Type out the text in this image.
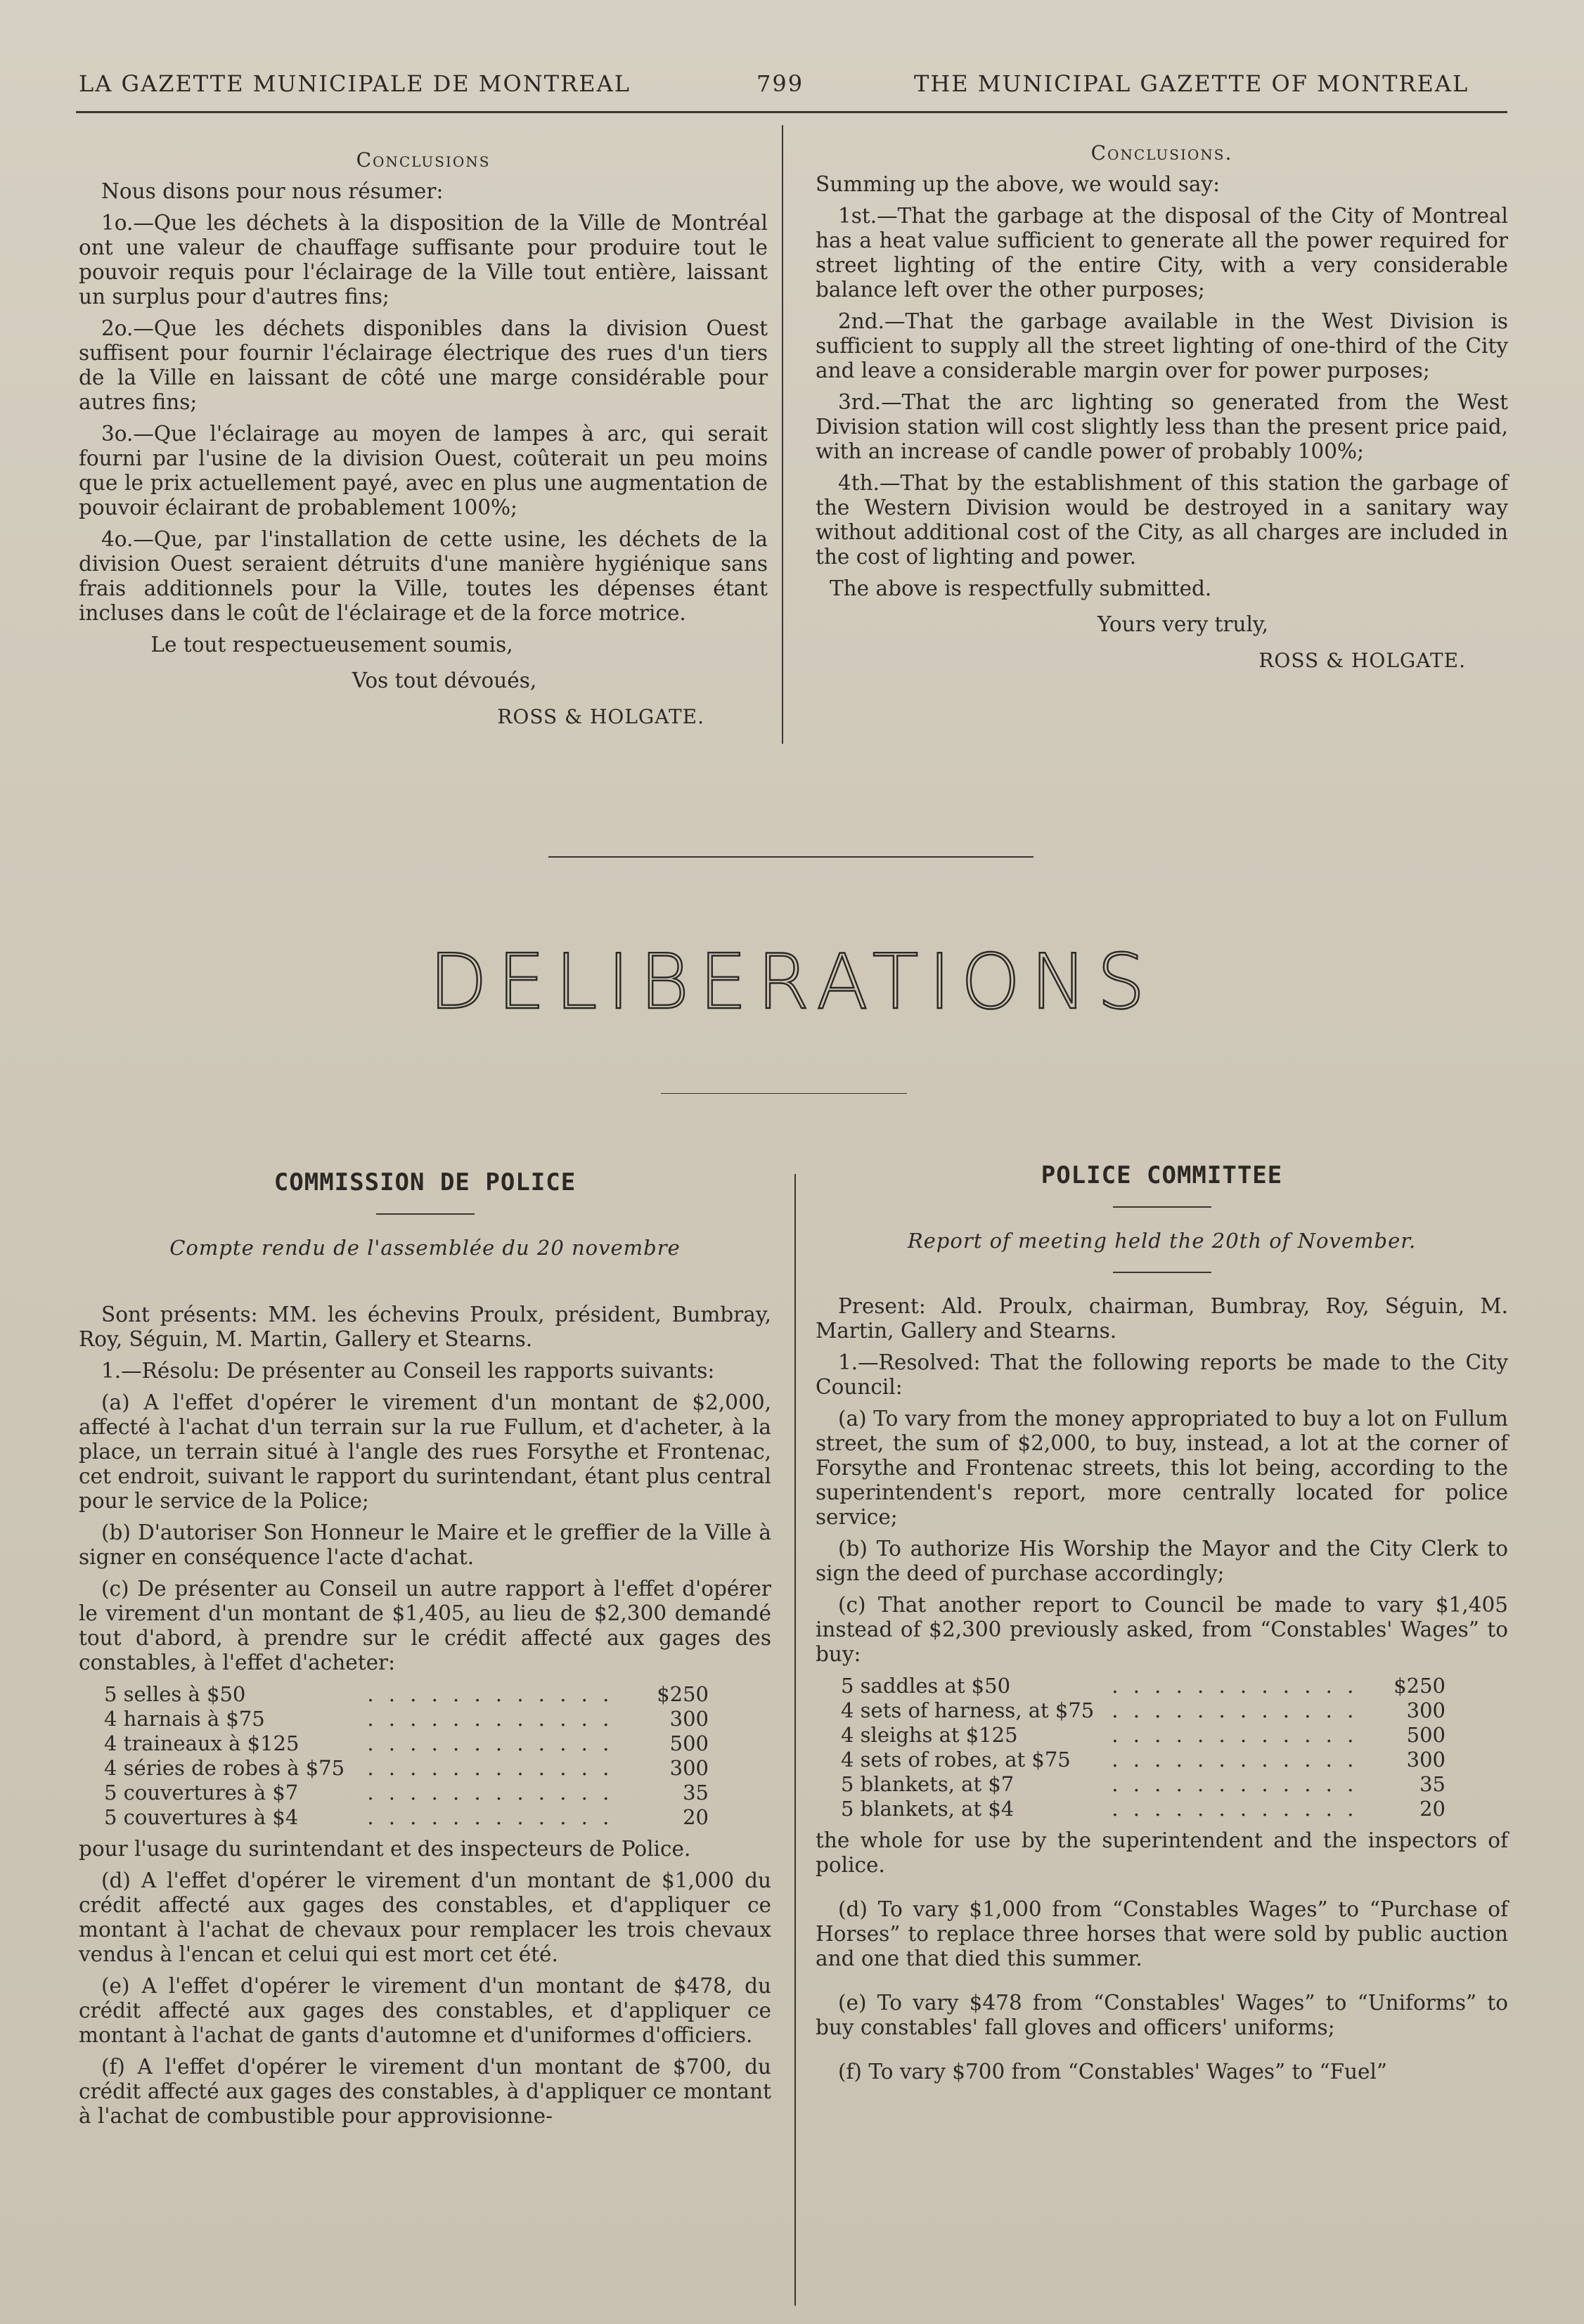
LA GAZETTE MUNICIPALE DE MONTREAL	799	THE MUNICIPAL GAZETTE OF MONTREAL
Conclusions

Nous disons pour nous résumer:

1o.—Que les déchets à la disposition de la Ville de Montréal ont une valeur de chauffage suffisante pour produire tout le pouvoir requis pour l'éclairage de la Ville tout entière, laissant un surplus pour d'autres fins;

2o.—Que les déchets disponibles dans la division Ouest suffisent pour fournir l'éclairage électrique des rues d'un tiers de la Ville en laissant de côté une marge considérable pour autres fins;

3o.—Que l'éclairage au moyen de lampes à arc, qui serait fourni par l'usine de la division Ouest, coûterait un peu moins que le prix actuellement payé, avec en plus une augmentation de pouvoir éclairant de probablement 100%;

4o.—Que, par l'installation de cette usine, les déchets de la division Ouest seraient détruits d'une manière hygiénique sans frais additionnels pour la Ville, toutes les dépenses étant incluses dans le coût de l'éclairage et de la force motrice.

Le tout respectueusement soumis,

Vos tout dévoués,

ROSS & HOLGATE.

Conclusions.

Summing up the above, we would say:

1st.—That the garbage at the disposal of the City of Montreal has a heat value sufficient to generate all the power required for street lighting of the entire City, with a very considerable balance left over the other purposes;

2nd.—That the garbage available in the West Division is sufficient to supply all the street lighting of one-third of the City and leave a considerable margin over for power purposes;

3rd.—That the arc lighting so generated from the West Division station will cost slightly less than the present price paid, with an increase of candle power of probably 100%;

4th.—That by the establishment of this station the garbage of the Western Division would be destroyed in a sanitary way without additional cost of the City, as all charges are included in the cost of lighting and power.

The above is respectfully submitted.

Yours very truly,

ROSS & HOLGATE.

DELIBERATIONS
COMMISSION DE POLICE
Compte rendu de l'assemblée du 20 novembre

Sont présents: MM. les échevins Proulx, président, Bumbray, Roy, Séguin, M. Martin, Gallery et Stearns.

1.—Résolu: De présenter au Conseil les rapports suivants:

(a) A l'effet d'opérer le virement d'un montant de $2,000, affecté à l'achat d'un terrain sur la rue Fullum, et d'acheter, à la place, un terrain situé à l'angle des rues Forsythe et Frontenac, cet endroit, suivant le rapport du surintendant, étant plus central pour le service de la Police;

(b) D'autoriser Son Honneur le Maire et le greffier de la Ville à signer en conséquence l'acte d'achat.

(c) De présenter au Conseil un autre rapport à l'effet d'opérer le virement d'un montant de $1,405, au lieu de $2,300 demandé tout d'abord, à prendre sur le crédit affecté aux gages des constables, à l'effet d'acheter:

5 selles à $50	. . . . . . . . . . . .	$250
4 harnais à $75	. . . . . . . . . . . .	300
4 traineaux à $125	. . . . . . . . . . . .	500
4 séries de robes à $75	. . . . . . . . . . . .	300
5 couvertures à $7	. . . . . . . . . . . .	35
5 couvertures à $4	. . . . . . . . . . . .	20

pour l'usage du surintendant et des inspecteurs de Police.

(d) A l'effet d'opérer le virement d'un montant de $1,000 du crédit affecté aux gages des constables, et d'appliquer ce montant à l'achat de chevaux pour remplacer les trois chevaux vendus à l'encan et celui qui est mort cet été.

(e) A l'effet d'opérer le virement d'un montant de $478, du crédit affecté aux gages des constables, et d'appliquer ce montant à l'achat de gants d'automne et d'uniformes d'officiers.

(f) A l'effet d'opérer le virement d'un montant de $700, du crédit affecté aux gages des constables, à d'appliquer ce montant à l'achat de combustible pour approvisionne-

POLICE COMMITTEE
Report of meeting held the 20th of November.

Present: Ald. Proulx, chairman, Bumbray, Roy, Séguin, M. Martin, Gallery and Stearns.

1.—Resolved: That the following reports be made to the City Council:

(a) To vary from the money appropriated to buy a lot on Fullum street, the sum of $2,000, to buy, instead, a lot at the corner of Forsythe and Frontenac streets, this lot being, according to the superintendent's report, more centrally located for police service;

(b) To authorize His Worship the Mayor and the City Clerk to sign the deed of purchase accordingly;

(c) That another report to Council be made to vary $1,405 instead of $2,300 previously asked, from “Constables' Wages” to buy:

5 saddles at $50	. . . . . . . . . . . .	$250
4 sets of harness, at $75	. . . . . . . . . . . .	300
4 sleighs at $125	. . . . . . . . . . . .	500
4 sets of robes, at $75	. . . . . . . . . . . .	300
5 blankets, at $7	. . . . . . . . . . . .	35
5 blankets, at $4	. . . . . . . . . . . .	20

the whole for use by the superintendent and the inspectors of police.

(d) To vary $1,000 from “Constables Wages” to “Purchase of Horses” to replace three horses that were sold by public auction and one that died this summer.

(e) To vary $478 from “Constables' Wages” to “Uniforms” to buy constables' fall gloves and officers' uniforms;

(f) To vary $700 from “Constables' Wages” to “Fuel”
